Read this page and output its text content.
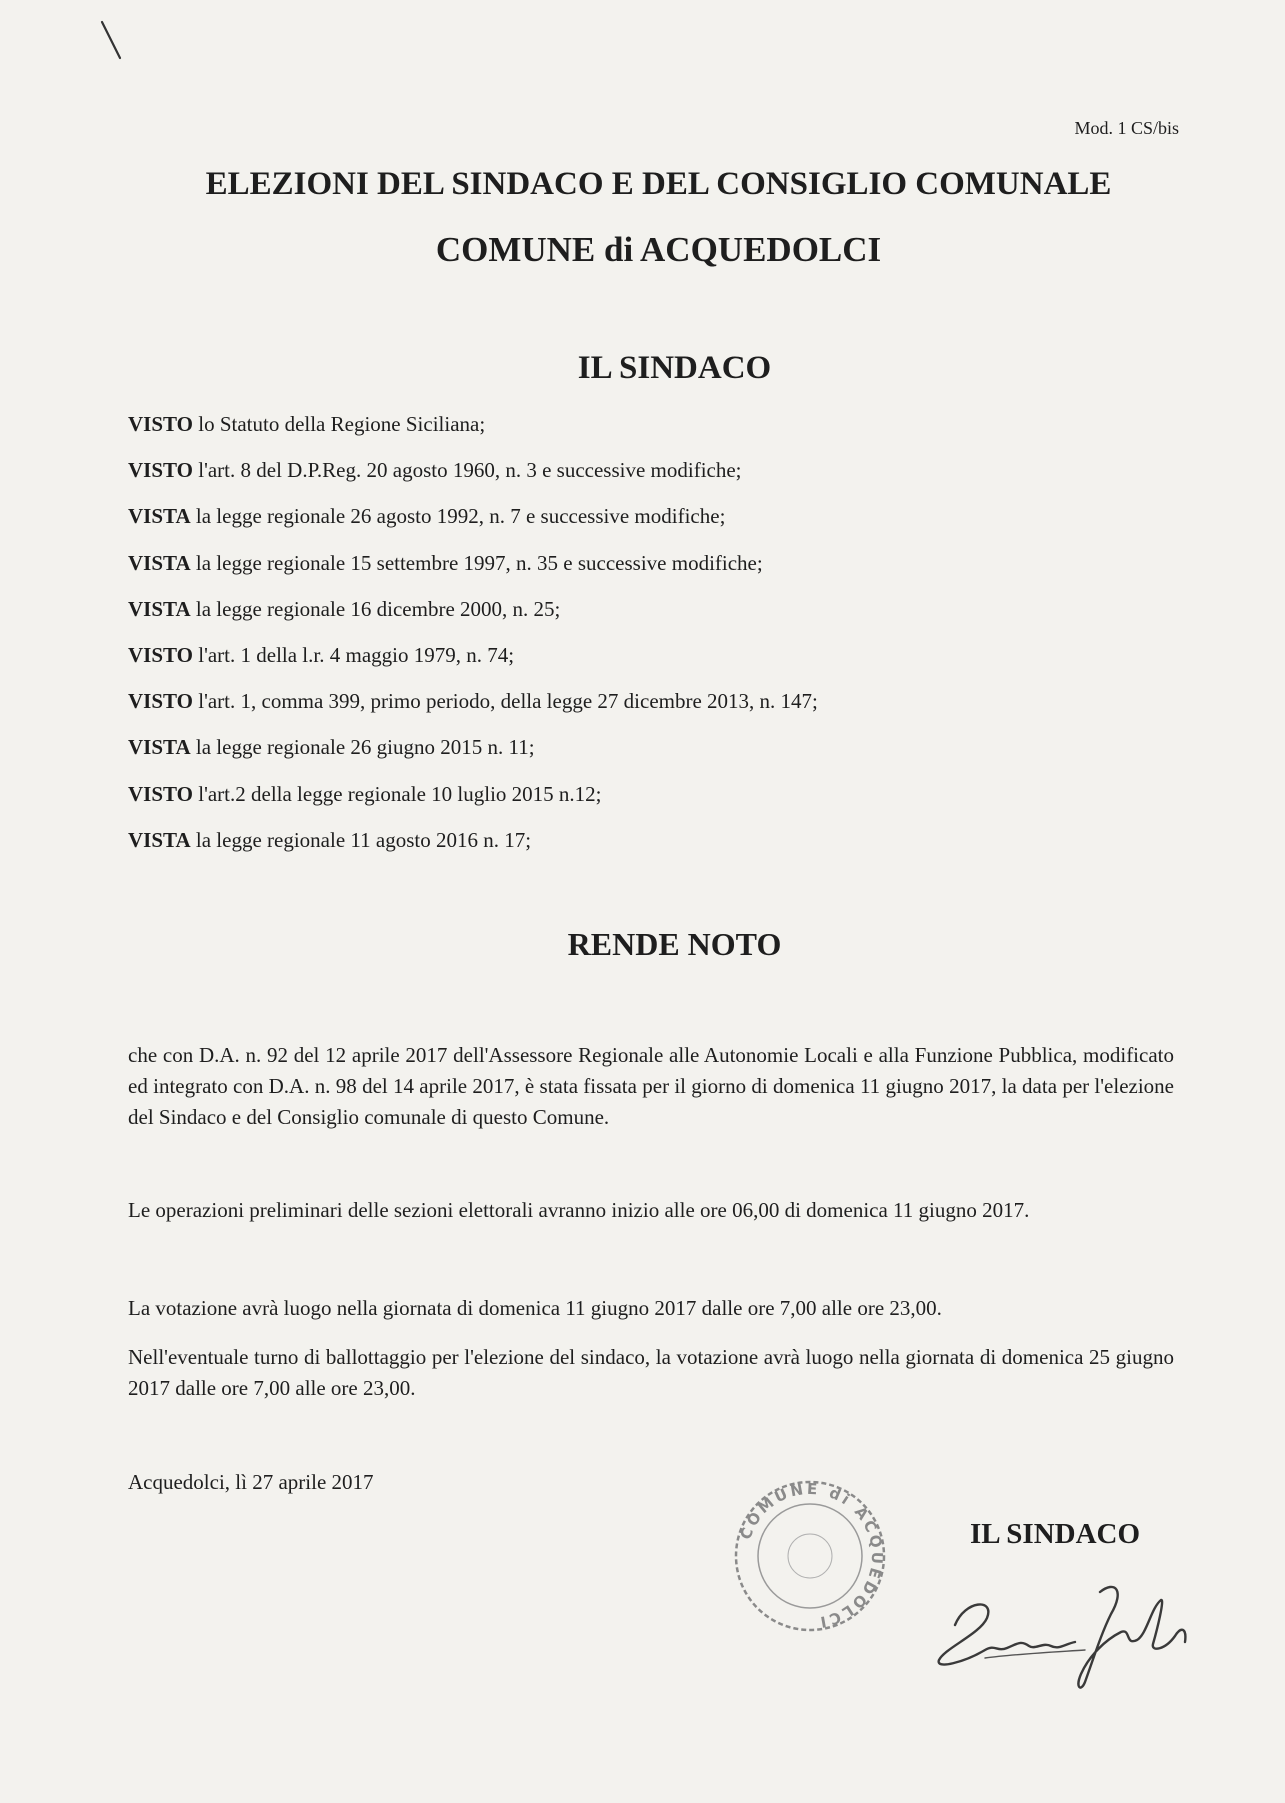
Mod. 1 CS/bis
ELEZIONI DEL SINDACO E DEL CONSIGLIO COMUNALE
COMUNE di ACQUEDOLCI
IL SINDACO
VISTO lo Statuto della Regione Siciliana;
VISTO l'art. 8 del D.P.Reg. 20 agosto 1960, n. 3 e successive modifiche;
VISTA la legge regionale 26 agosto 1992, n. 7 e successive modifiche;
VISTA la legge regionale 15 settembre 1997, n. 35 e successive modifiche;
VISTA la legge regionale 16 dicembre 2000, n. 25;
VISTO l'art. 1 della l.r. 4 maggio 1979, n. 74;
VISTO l'art. 1, comma 399, primo periodo, della legge 27 dicembre 2013, n. 147;
VISTA la legge regionale 26 giugno 2015 n. 11;
VISTO l'art.2 della legge regionale 10 luglio 2015 n.12;
VISTA la legge regionale 11 agosto 2016 n. 17;
RENDE NOTO

che con D.A. n. 92 del 12 aprile 2017 dell'Assessore Regionale alle Autonomie Locali e alla Funzione Pubblica, modificato ed integrato con D.A. n. 98 del 14 aprile 2017, è stata fissata per il giorno di domenica 11 giugno 2017, la data per l'elezione del Sindaco e del Consiglio comunale di questo Comune.

Le operazioni preliminari delle sezioni elettorali avranno inizio alle ore 06,00 di domenica 11 giugno 2017.

La votazione avrà luogo nella giornata di domenica 11 giugno 2017 dalle ore 7,00 alle ore 23,00.

Nell'eventuale turno di ballottaggio per l'elezione del sindaco, la votazione avrà luogo nella giornata di domenica 25 giugno 2017 dalle ore 7,00 alle ore 23,00.

Acquedolci, lì 27 aprile 2017
COMUNE di ACQUEDOLCI
IL SINDACO
